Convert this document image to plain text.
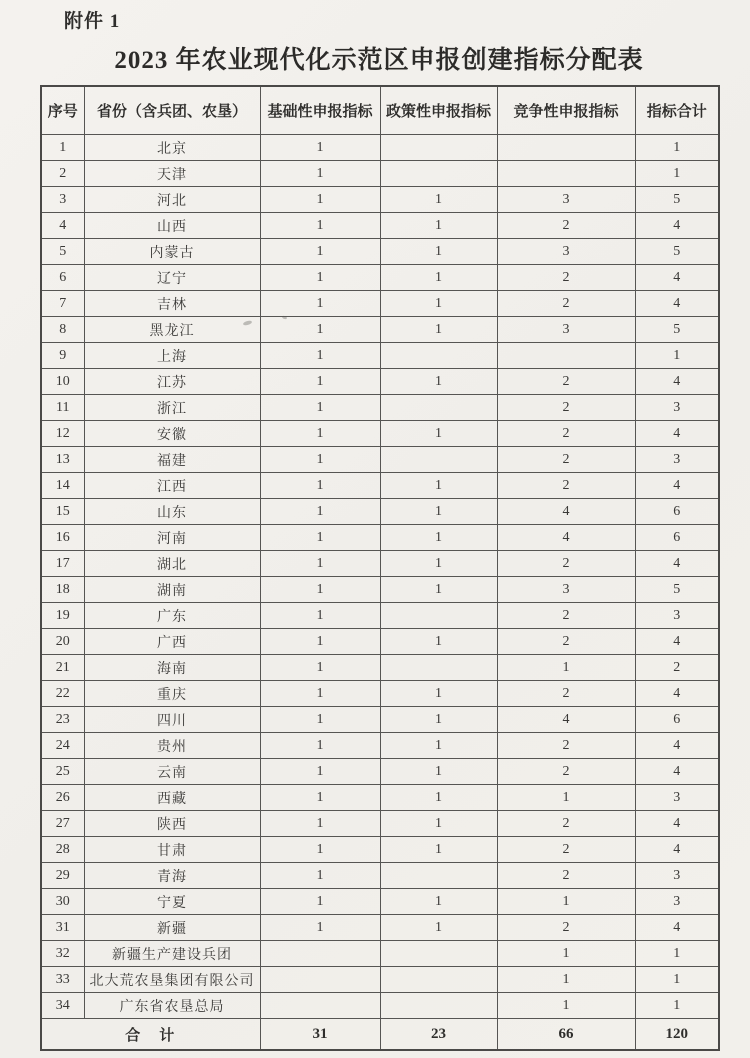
附件 1
2023 年农业现代化示范区申报创建指标分配表
序号	省份（含兵团、农垦）	基础性申报指标	政策性申报指标	竞争性申报指标	指标合计
1	北京	1			1
2	天津	1			1
3	河北	1	1	3	5
4	山西	1	1	2	4
5	内蒙古	1	1	3	5
6	辽宁	1	1	2	4
7	吉林	1	1	2	4
8	黑龙江	1	1	3	5
9	上海	1			1
10	江苏	1	1	2	4
11	浙江	1		2	3
12	安徽	1	1	2	4
13	福建	1		2	3
14	江西	1	1	2	4
15	山东	1	1	4	6
16	河南	1	1	4	6
17	湖北	1	1	2	4
18	湖南	1	1	3	5
19	广东	1		2	3
20	广西	1	1	2	4
21	海南	1		1	2
22	重庆	1	1	2	4
23	四川	1	1	4	6
24	贵州	1	1	2	4
25	云南	1	1	2	4
26	西藏	1	1	1	3
27	陕西	1	1	2	4
28	甘肃	1	1	2	4
29	青海	1		2	3
30	宁夏	1	1	1	3
31	新疆	1	1	2	4
32	新疆生产建设兵团			1	1
33	北大荒农垦集团有限公司			1	1
34	广东省农垦总局			1	1
合　计		31	23	66	120
